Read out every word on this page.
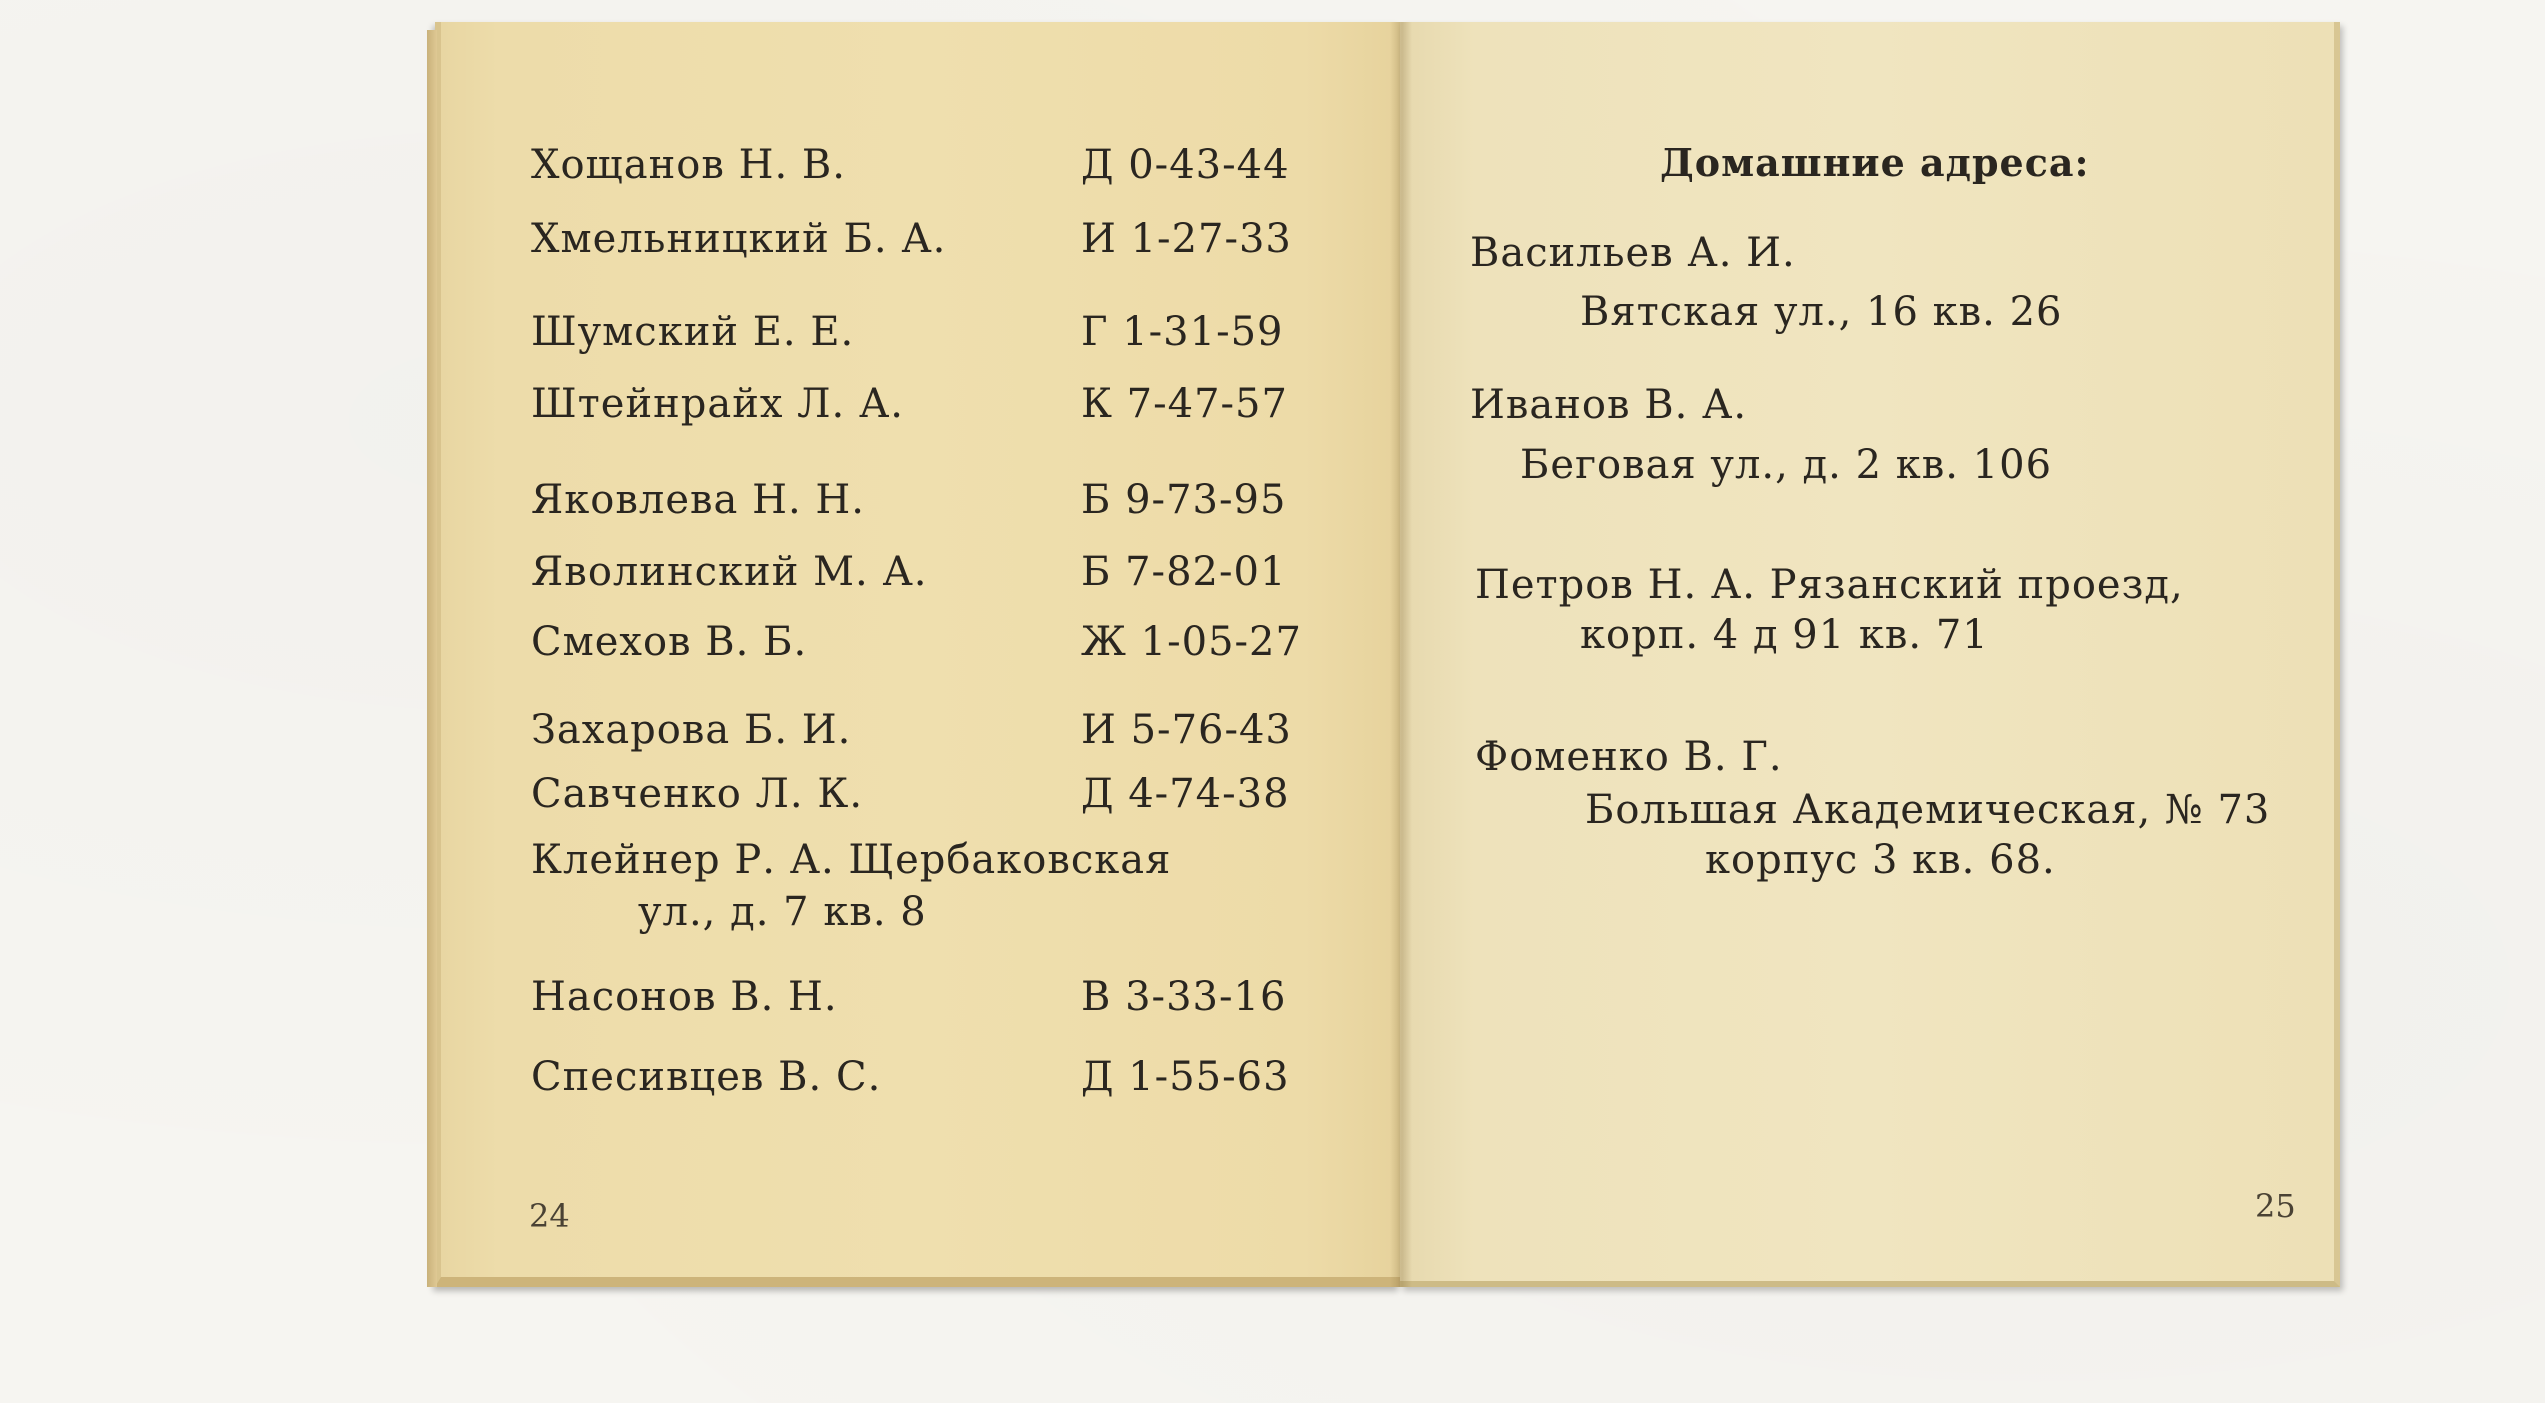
Хощанов Н. В.	Д 0-43-44
Хмельницкий Б. А.	И 1-27-33
Шумский Е. Е.	Г 1-31-59
Штейнрайх Л. А.	К 7-47-57
Яковлева Н. Н.	Б 9-73-95
Яволинский М. А.	Б 7-82-01
Смехов В. Б.	Ж 1-05-27
Захарова Б. И.	И 5-76-43
Савченко Л. К.	Д 4-74-38
Клейнер Р. А. Щербаковская
ул., д. 7 кв. 8
Насонов В. Н.	В 3-33-16
Спесивцев В. С.	Д 1-55-63
24
Домашние адреса:
Васильев А. И.
Вятская ул., 16 кв. 26
Иванов В. А.
Беговая ул., д. 2 кв. 106
Петров Н. А. Рязанский проезд,
корп. 4 д 91 кв. 71
Фоменко В. Г.
Большая Академическая, № 73
корпус 3 кв. 68.
25
